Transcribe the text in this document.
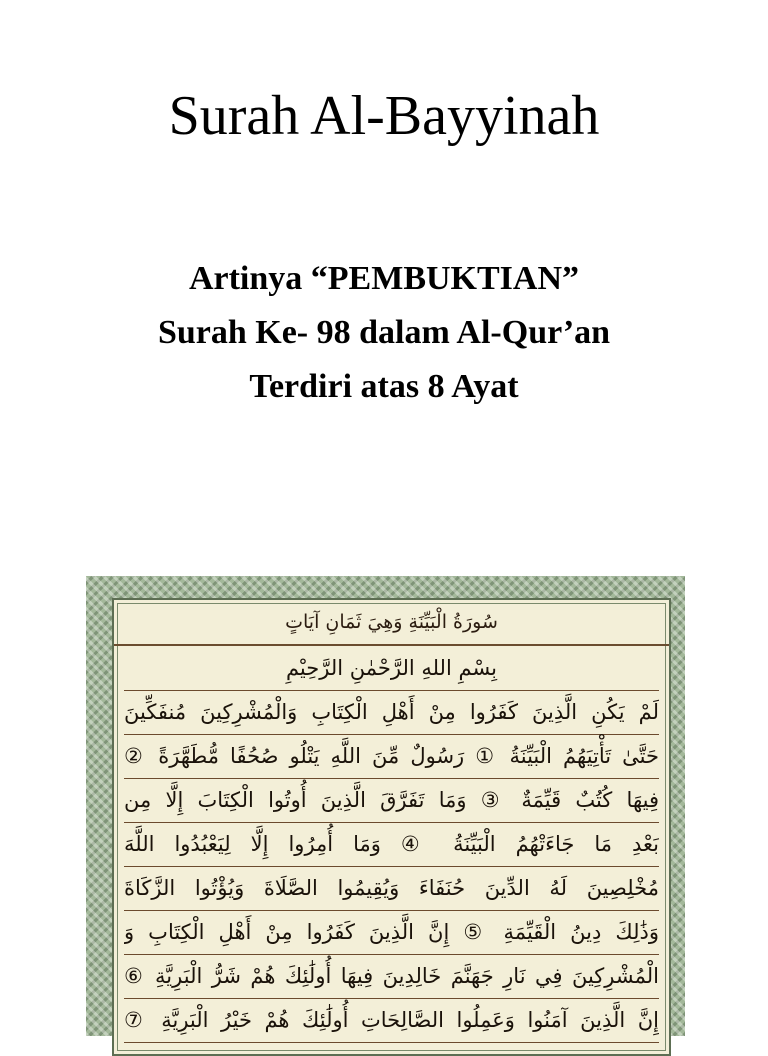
Surah Al-Bayyinah
Artinya “PEMBUKTIAN”
Surah Ke- 98 dalam Al-Qur’an
Terdiri atas 8 Ayat
سُورَةُ الْبَيِّنَةِ وَهِيَ ثَمَانِ آيَاتٍ
بِسْمِ اللهِ الرَّحْمٰنِ الرَّحِيْمِ
لَمْ يَكُنِ الَّذِينَ كَفَرُوا مِنْ أَهْلِ الْكِتَابِ وَالْمُشْرِكِينَ مُنفَكِّينَ
حَتَّىٰ تَأْتِيَهُمُ الْبَيِّنَةُ ① رَسُولٌ مِّنَ اللَّهِ يَتْلُو صُحُفًا مُّطَهَّرَةً ②
فِيهَا كُتُبٌ قَيِّمَةٌ ③ وَمَا تَفَرَّقَ الَّذِينَ أُوتُوا الْكِتَابَ إِلَّا مِن
بَعْدِ مَا جَاءَتْهُمُ الْبَيِّنَةُ ④ وَمَا أُمِرُوا إِلَّا لِيَعْبُدُوا اللَّهَ
مُخْلِصِينَ لَهُ الدِّينَ حُنَفَاءَ وَيُقِيمُوا الصَّلَاةَ وَيُؤْتُوا الزَّكَاةَ
وَذَٰلِكَ دِينُ الْقَيِّمَةِ ⑤ إِنَّ الَّذِينَ كَفَرُوا مِنْ أَهْلِ الْكِتَابِ وَ
الْمُشْرِكِينَ فِي نَارِ جَهَنَّمَ خَالِدِينَ فِيهَا أُولَٰئِكَ هُمْ شَرُّ الْبَرِيَّةِ ⑥
إِنَّ الَّذِينَ آمَنُوا وَعَمِلُوا الصَّالِحَاتِ أُولَٰئِكَ هُمْ خَيْرُ الْبَرِيَّةِ ⑦
